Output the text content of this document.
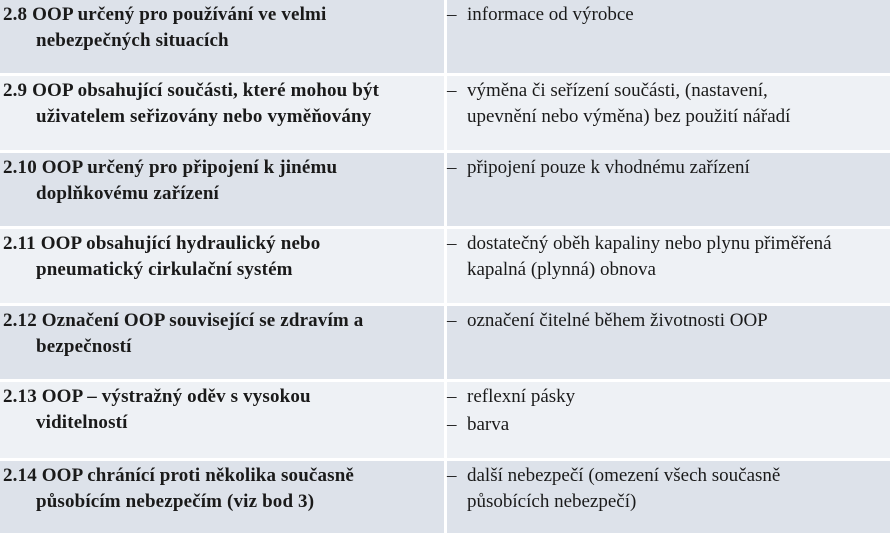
2.8 OOP určený pro používání ve velmi
nebezpečných situacích
– informace od výrobce
2.9 OOP obsahující součásti, které mohou být
uživatelem seřizovány nebo vyměňovány
– výměna či seřízení součásti, (nastavení,
upevnění nebo výměna) bez použití nářadí
2.10 OOP určený pro připojení k jinému
doplňkovému zařízení
– připojení pouze k vhodnému zařízení
2.11 OOP obsahující hydraulický nebo
pneumatický cirkulační systém
– dostatečný oběh kapaliny nebo plynu přiměřená
kapalná (plynná) obnova
2.12 Označení OOP související se zdravím a
bezpečností
– označení čitelné během životnosti OOP
2.13 OOP – výstražný oděv s vysokou
viditelností
– reflexní pásky
– barva
2.14 OOP chránící proti několika současně
působícím nebezpečím (viz bod 3)
– další nebezpečí (omezení všech současně
působících nebezpečí)
